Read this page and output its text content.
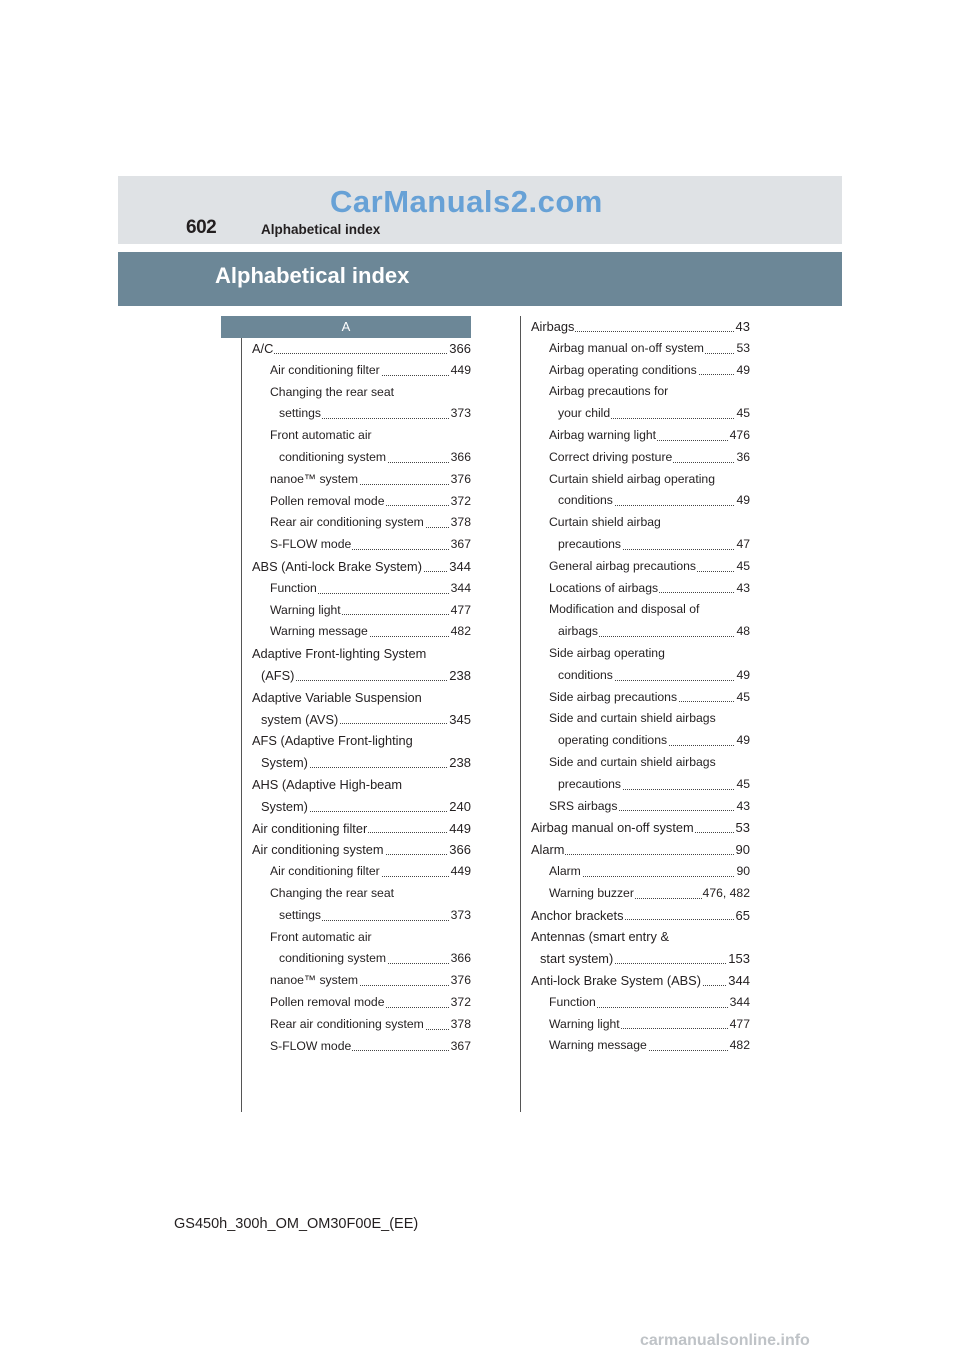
CarManuals2.com
602	Alphabetical index
Alphabetical index
A
A/C	366
Air conditioning filter	449
Changing the rear seat
settings	373
Front automatic air
conditioning system	366
nanoe™ system	376
Pollen removal mode	372
Rear air conditioning system 378
S-FLOW mode	367
ABS (Anti-lock Brake System) 344
Function	344
Warning light	477
Warning message	482
Adaptive Front-lighting System
(AFS)	238
Adaptive Variable Suspension
system (AVS)	345
AFS (Adaptive Front-lighting
System)	238
AHS (Adaptive High-beam
System)	240
Air conditioning filter	449
Air conditioning system	366
Air conditioning filter	449
Changing the rear seat
settings	373
Front automatic air
conditioning system	366
nanoe™ system	376
Pollen removal mode	372
Rear air conditioning system 378
S-FLOW mode	367
Airbags	43
Airbag manual on-off system	53
Airbag operating conditions	49
Airbag precautions for
your child	45
Airbag warning light	476
Correct driving posture	36
Curtain shield airbag operating
conditions	49
Curtain shield airbag
precautions	47
General airbag precautions	45
Locations of airbags	43
Modification and disposal of
airbags	48
Side airbag operating
conditions	49
Side airbag precautions	45
Side and curtain shield airbags
operating conditions	49
Side and curtain shield airbags
precautions	45
SRS airbags	43
Airbag manual on-off system	53
Alarm	90
Alarm	90
Warning buzzer	476, 482
Anchor brackets	65
Antennas (smart entry &
start system)	153
Anti-lock Brake System (ABS) 344
Function	344
Warning light	477
Warning message	482
GS450h_300h_OM_OM30F00E_(EE)
carmanualsonline.info
